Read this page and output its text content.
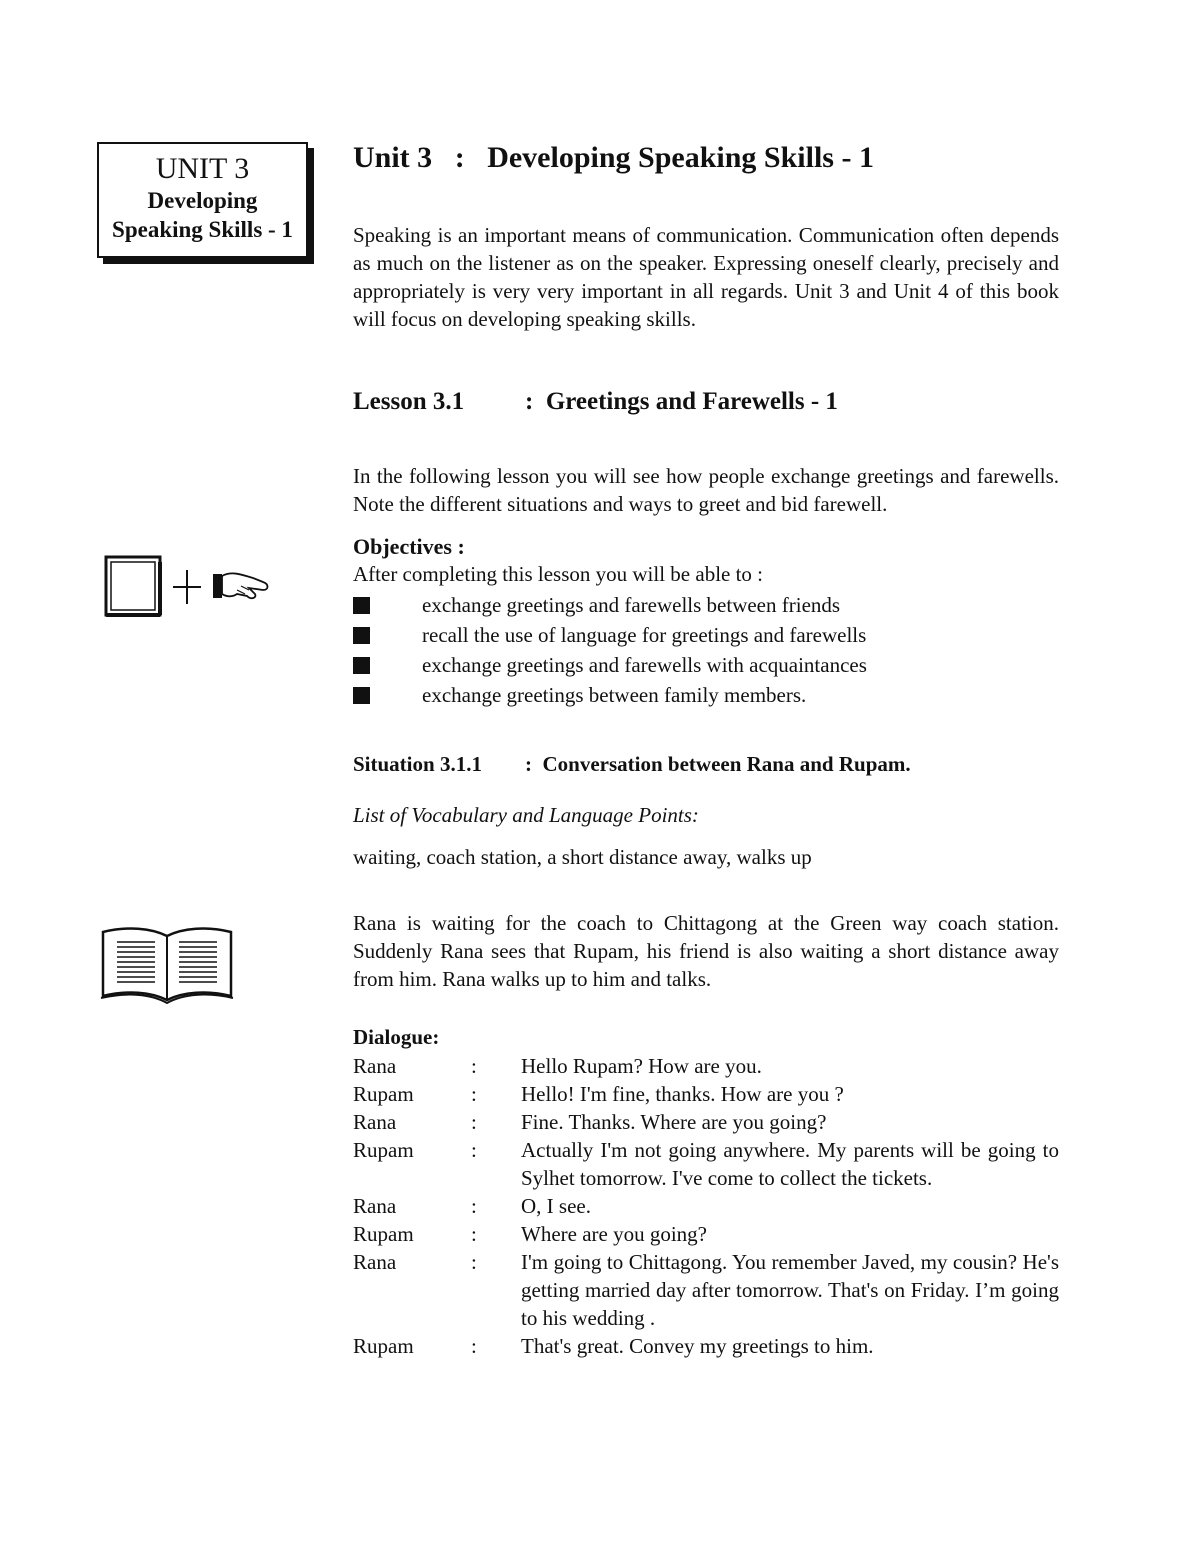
UNIT 3
Developing
Speaking Skills - 1
Unit 3 : Developing Speaking Skills - 1
Speaking is an important means of communication. Communication often depends as much on the listener as on the speaker. Expressing oneself clearly, precisely and appropriately is very very important in all regards. Unit 3 and Unit 4 of this book will focus on developing speaking skills.
Lesson 3.1 : Greetings and Farewells - 1
In the following lesson you will see how people exchange greetings and farewells. Note the different situations and ways to greet and bid farewell.
Objectives :
After completing this lesson you will be able to :
exchange greetings and farewells between friends
recall the use of language for greetings and farewells
exchange greetings and farewells with acquaintances
exchange greetings between family members.
Situation 3.1.1 : Conversation between Rana and Rupam.
List of Vocabulary and Language Points:
waiting, coach station, a short distance away, walks up
Rana is waiting for the coach to Chittagong at the Green way coach station. Suddenly Rana sees that Rupam, his friend is also waiting a short distance away from him. Rana walks up to him and talks.
Dialogue:
Rana	:	Hello Rupam? How are you.
Rupam	:	Hello! I'm fine, thanks. How are you ?
Rana	:	Fine. Thanks. Where are you going?
Rupam	:	Actually I'm not going anywhere. My parents will be going to Sylhet tomorrow. I've come to collect the tickets.
Rana	:	O, I see.
Rupam	:	Where are you going?
Rana	:	I'm going to Chittagong. You remember Javed, my cousin? He's getting married day after tomorrow. That's on Friday. I’m going to his wedding .
Rupam	:	That's great. Convey my greetings to him.
